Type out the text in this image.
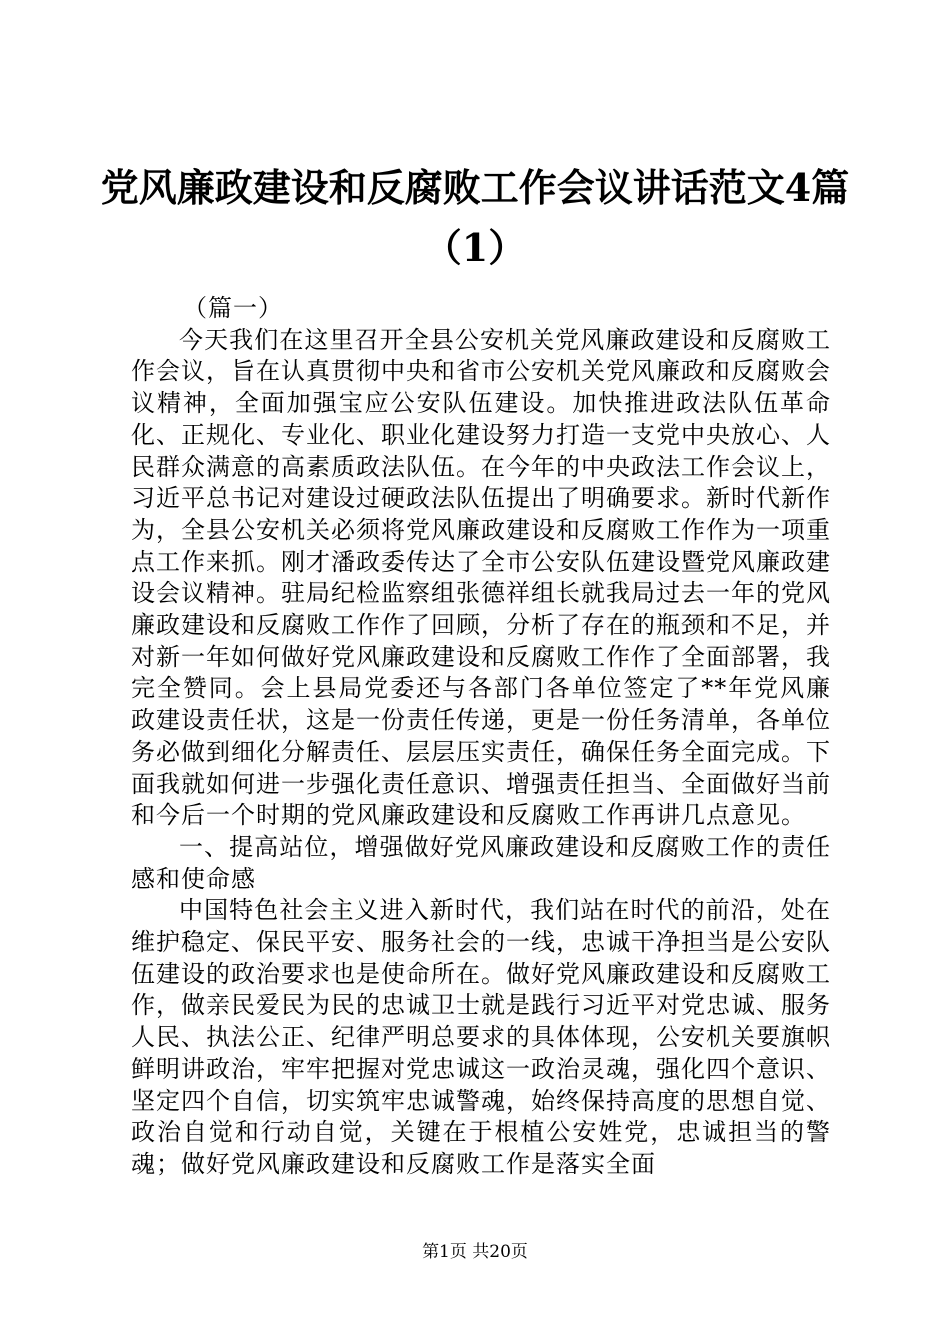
党风廉政建设和反腐败工作会议讲话范文4篇
（1）

（篇一）

今天我们在这里召开全县公安机关党风廉政建设和反腐败工作会议，旨在认真贯彻中央和省市公安机关党风廉政和反腐败会议精神，全面加强宝应公安队伍建设。加快推进政法队伍革命化、正规化、专业化、职业化建设努力打造一支党中央放心、人民群众满意的高素质政法队伍。在今年的中央政法工作会议上，习近平总书记对建设过硬政法队伍提出了明确要求。新时代新作为，全县公安机关必须将党风廉政建设和反腐败工作作为一项重点工作来抓。刚才潘政委传达了全市公安队伍建设暨党风廉政建设会议精神。驻局纪检监察组张德祥组长就我局过去一年的党风廉政建设和反腐败工作作了回顾，分析了存在的瓶颈和不足，并对新一年如何做好党风廉政建设和反腐败工作作了全面部署，我完全赞同。会上县局党委还与各部门各单位签定了**年党风廉政建设责任状，这是一份责任传递，更是一份任务清单，各单位务必做到细化分解责任、层层压实责任，确保任务全面完成。下面我就如何进一步强化责任意识、增强责任担当、全面做好当前和今后一个时期的党风廉政建设和反腐败工作再讲几点意见。

一、提高站位，增强做好党风廉政建设和反腐败工作的责任感和使命感

中国特色社会主义进入新时代，我们站在时代的前沿，处在维护稳定、保民平安、服务社会的一线，忠诚干净担当是公安队伍建设的政治要求也是使命所在。做好党风廉政建设和反腐败工作，做亲民爱民为民的忠诚卫士就是践行习近平对党忠诚、服务人民、执法公正、纪律严明总要求的具体体现，公安机关要旗帜鲜明讲政治，牢牢把握对党忠诚这一政治灵魂，强化四个意识、坚定四个自信，切实筑牢忠诚警魂，始终保持高度的思想自觉、政治自觉和行动自觉，关键在于根植公安姓党，忠诚担当的警魂；做好党风廉政建设和反腐败工作是落实全面

第1页 共20页
